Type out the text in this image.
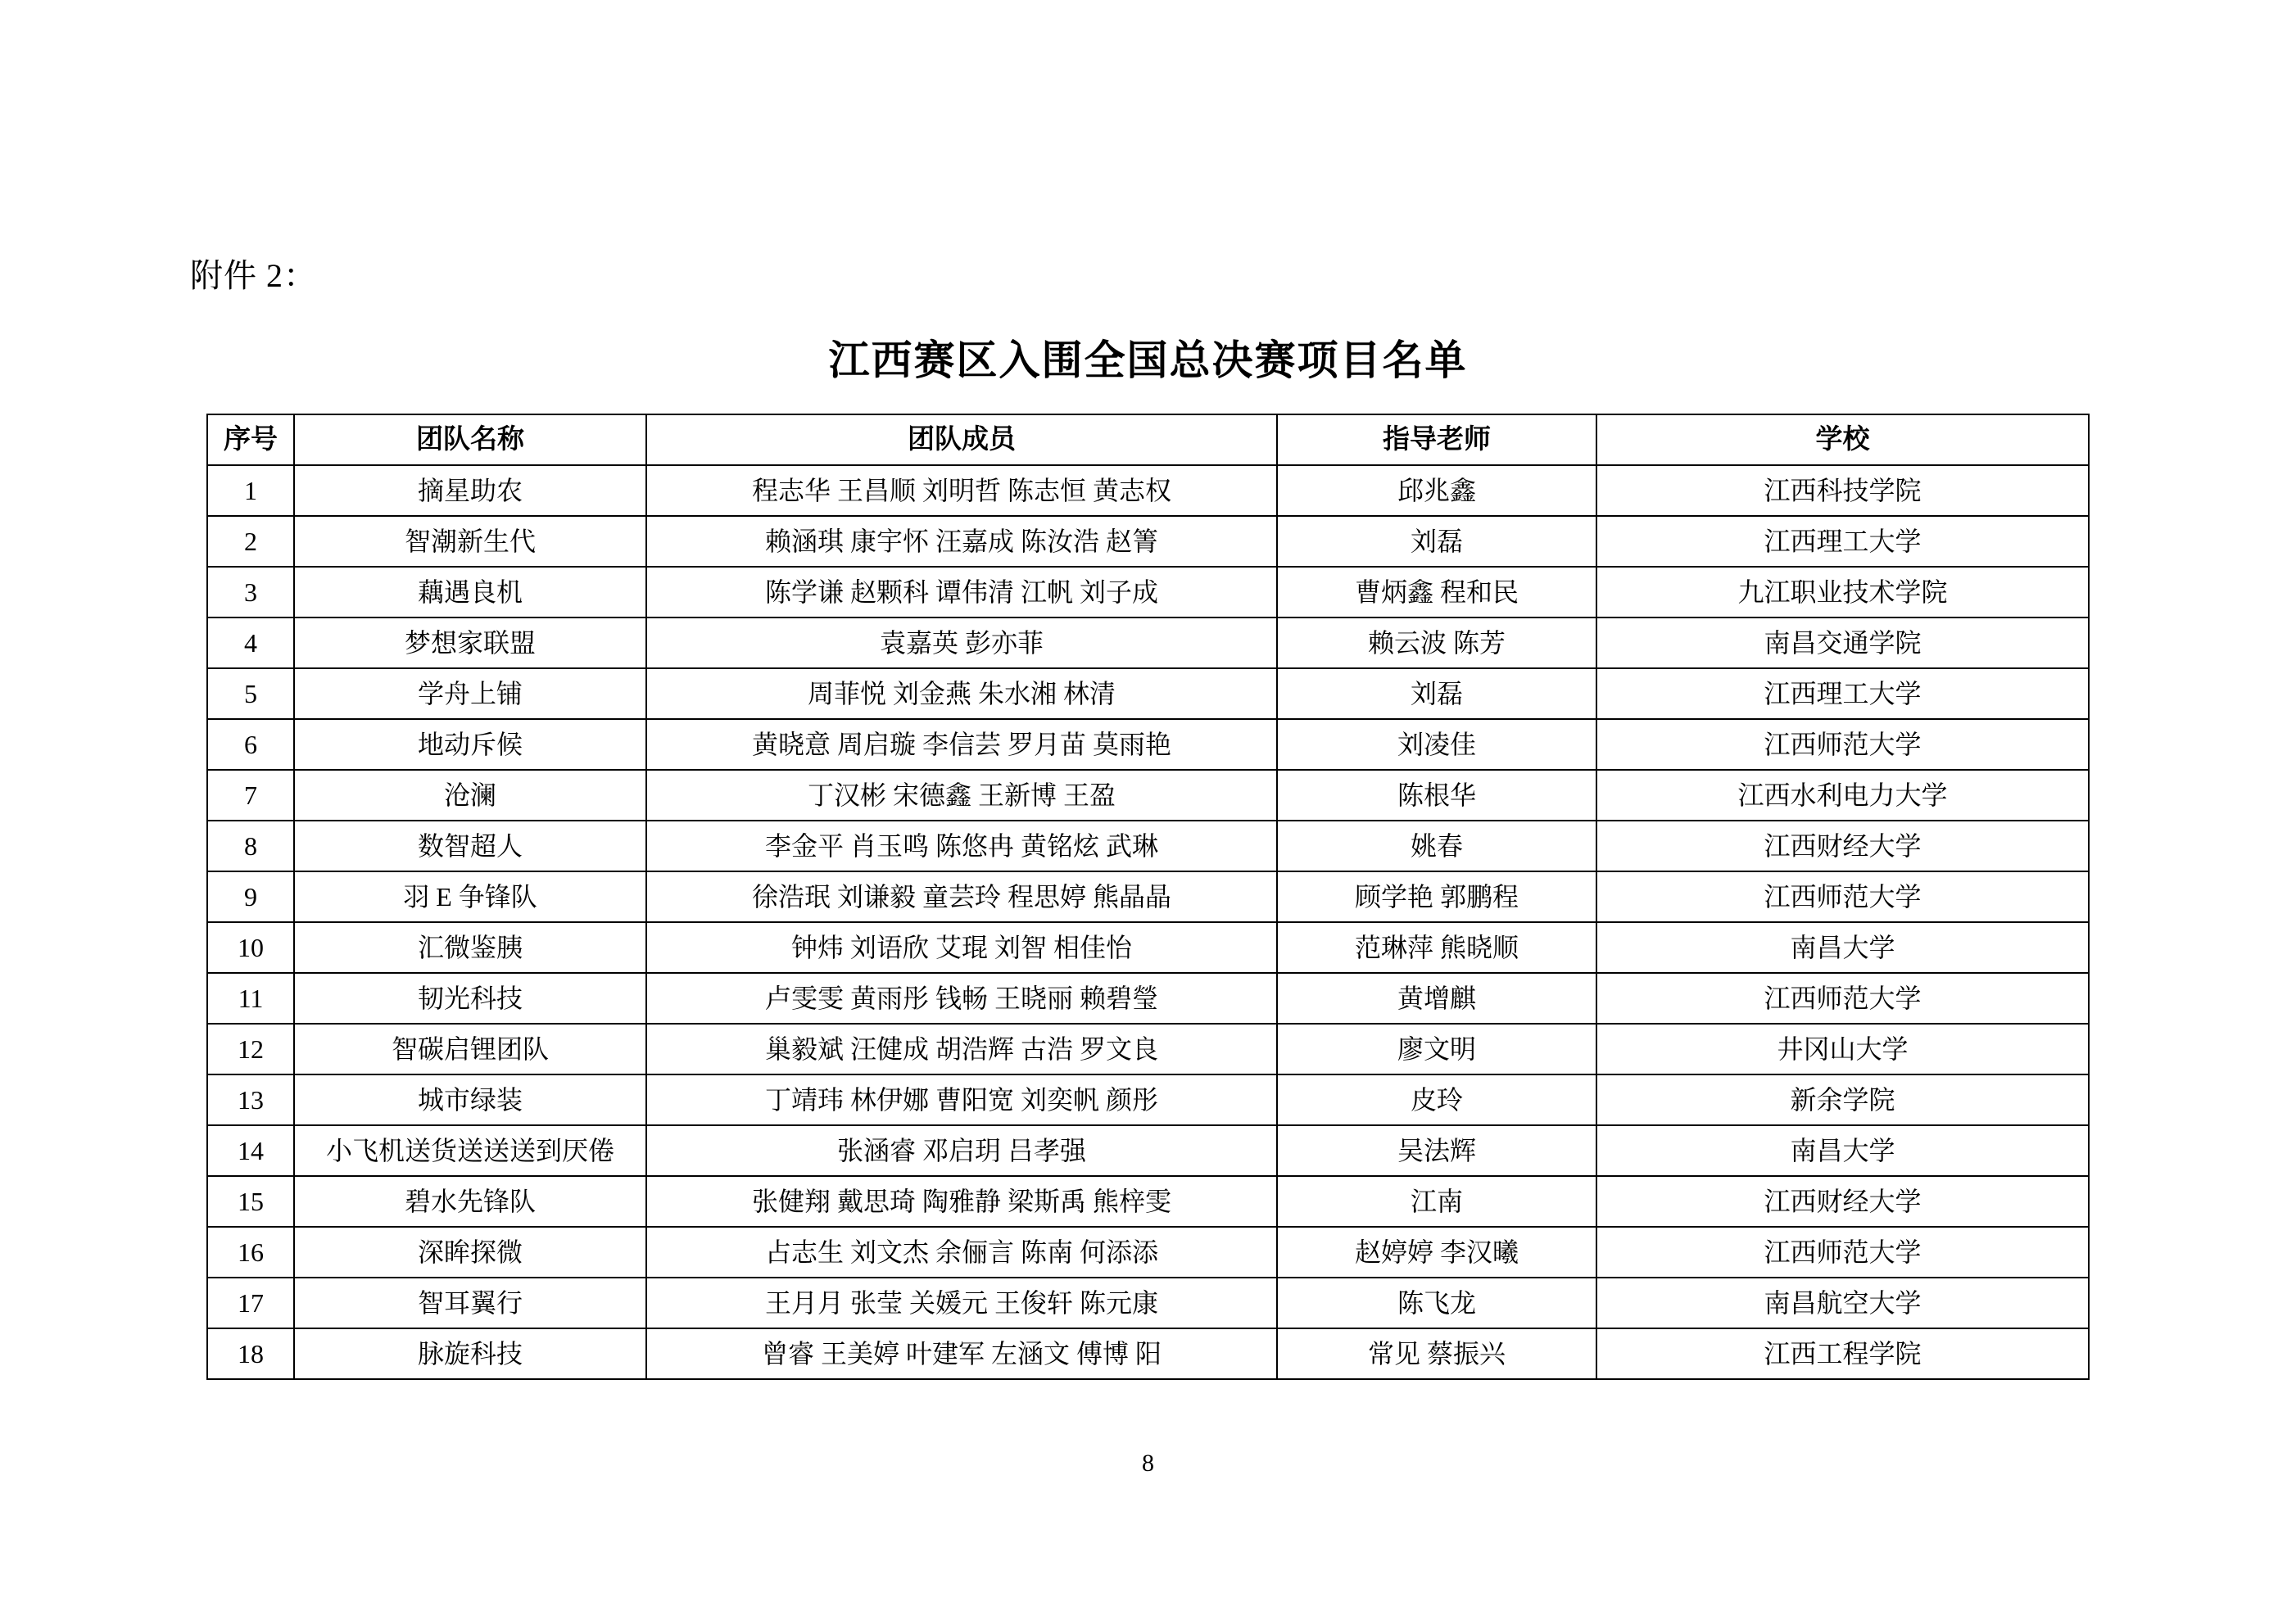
附件 2：
江西赛区入围全国总决赛项目名单
序号	团队名称	团队成员	指导老师	学校
1	摘星助农	程志华 王昌顺 刘明哲 陈志恒 黄志权	邱兆鑫	江西科技学院
2	智潮新生代	赖涵琪 康宇怀 汪嘉成 陈汝浩 赵箐	刘磊	江西理工大学
3	藕遇良机	陈学谦 赵颗科 谭伟清 江帆 刘子成	曹炳鑫 程和民	九江职业技术学院
4	梦想家联盟	袁嘉英 彭亦菲	赖云波 陈芳	南昌交通学院
5	学舟上铺	周菲悦 刘金燕 朱水湘 林清	刘磊	江西理工大学
6	地动斥候	黄晓意 周启璇 李信芸 罗月苗 莫雨艳	刘凌佳	江西师范大学
7	沧澜	丁汉彬 宋德鑫 王新博 王盈	陈根华	江西水利电力大学
8	数智超人	李金平 肖玉鸣 陈悠冉 黄铭炫 武琳	姚春	江西财经大学
9	羽 E 争锋队	徐浩珉 刘谦毅 童芸玲 程思婷 熊晶晶	顾学艳 郭鹏程	江西师范大学
10	汇微鉴胰	钟炜 刘语欣 艾琨 刘智 相佳怡	范琳萍 熊晓顺	南昌大学
11	韧光科技	卢雯雯 黄雨彤 钱畅 王晓丽 赖碧瑩	黄增麒	江西师范大学
12	智碳启锂团队	巢毅斌 汪健成 胡浩辉 古浩 罗文良	廖文明	井冈山大学
13	城市绿装	丁靖玮 林伊娜 曹阳宽 刘奕帆 颜彤	皮玲	新余学院
14	小飞机送货送送送到厌倦	张涵睿 邓启玥 吕孝强	吴法辉	南昌大学
15	碧水先锋队	张健翔 戴思琦 陶雅静 梁斯禹 熊梓雯	江南	江西财经大学
16	深眸探微	占志生 刘文杰 余俪言 陈南 何添添	赵婷婷 李汉曦	江西师范大学
17	智耳翼行	王月月 张莹 关媛元 王俊轩 陈元康	陈飞龙	南昌航空大学
18	脉旋科技	曾睿 王美婷 叶建军 左涵文 傅博 阳	常见 蔡振兴	江西工程学院
8
